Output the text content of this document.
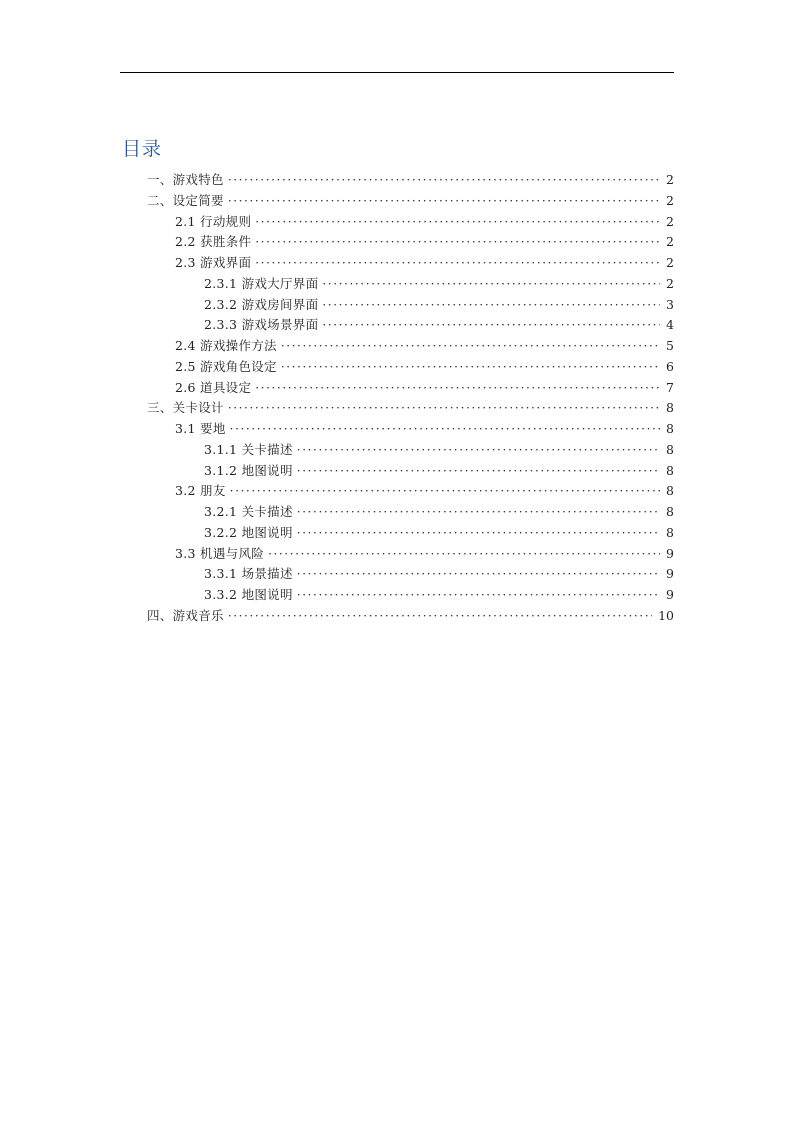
目录
一、游戏特色 ·····	2
二、设定简要 ·····	2
2.1 行动规则 ·····	2
2.2 获胜条件 ·····	2
2.3 游戏界面 ·····	2
2.3.1 游戏大厅界面 ·····	2
2.3.2 游戏房间界面 ·····	3
2.3.3 游戏场景界面 ·····	4
2.4 游戏操作方法 ·····	5
2.5 游戏角色设定 ·····	6
2.6 道具设定 ·····	7
三、关卡设计 ·····	8
3.1 要地 ·····	8
3.1.1 关卡描述 ·····	8
3.1.2 地图说明 ·····	8
3.2 朋友 ·····	8
3.2.1 关卡描述 ·····	8
3.2.2 地图说明 ·····	8
3.3 机遇与风险 ·····	9
3.3.1 场景描述 ·····	9
3.3.2 地图说明 ·····	9
四、游戏音乐 ·····	10
